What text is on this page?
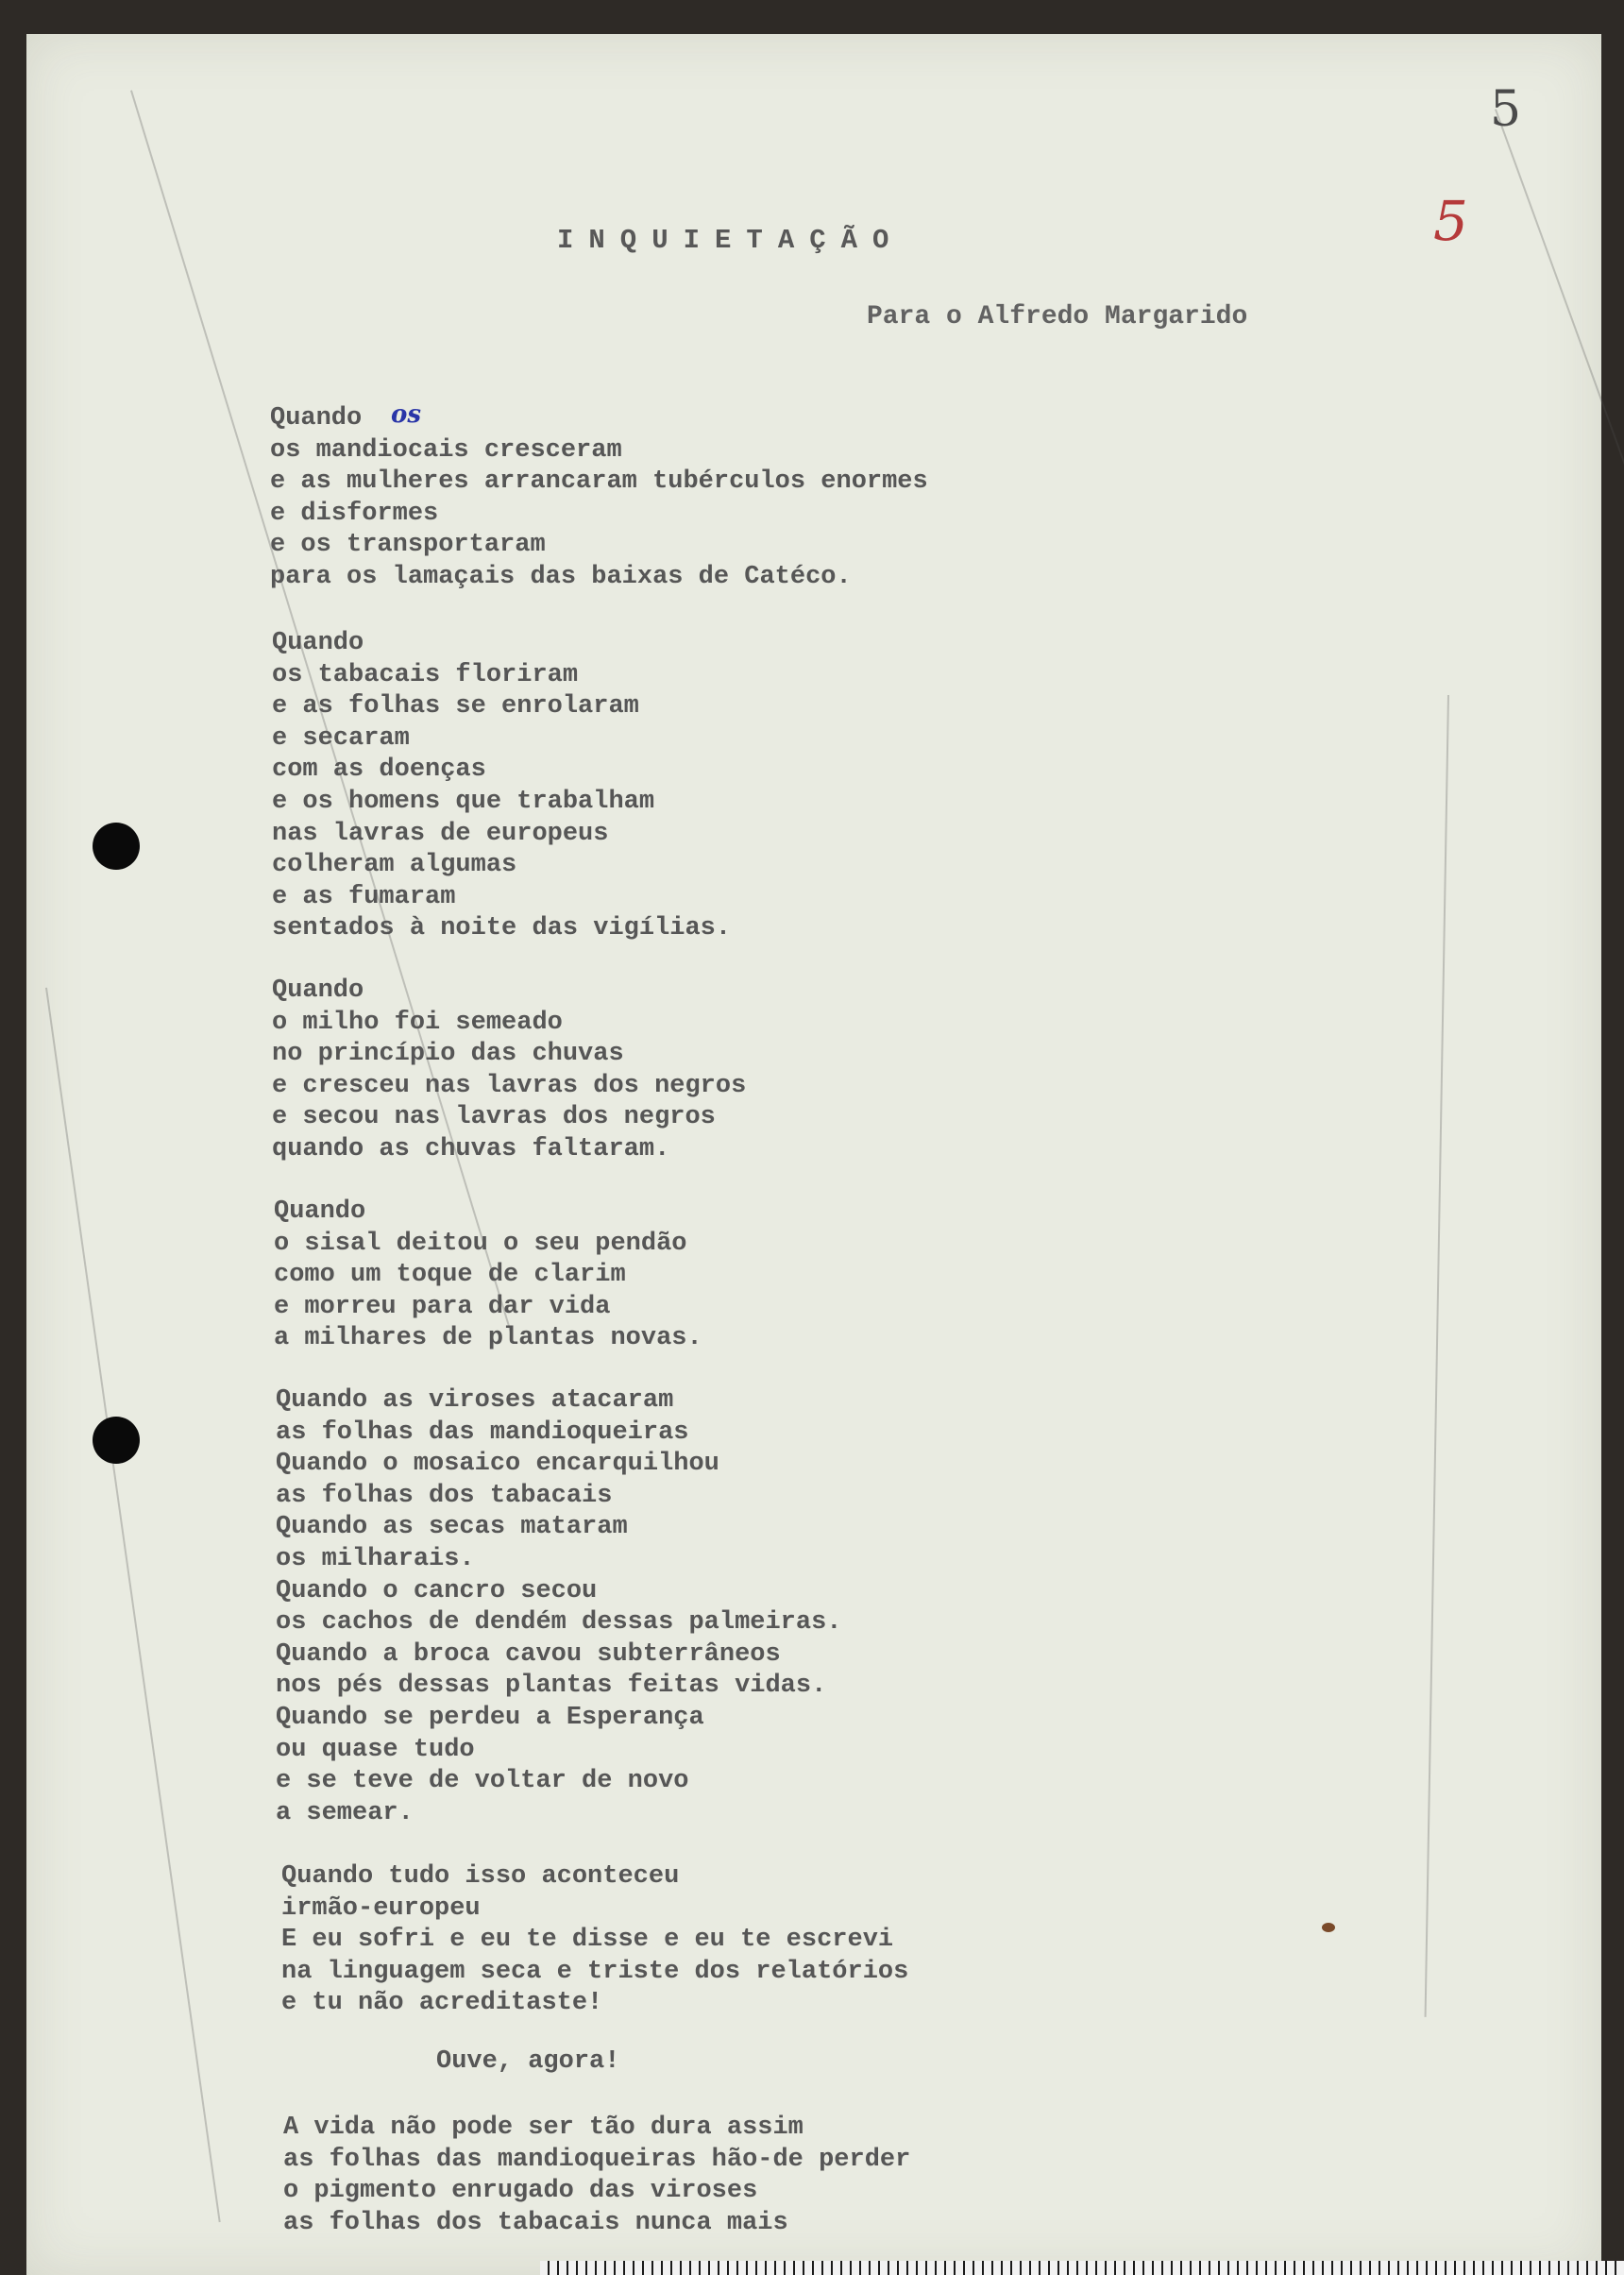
5
5
INQUIETAÇÃO
Para o Alfredo Margarido
Quando
os mandiocais cresceram
e as mulheres arrancaram tubérculos enormes
e disformes
e os transportaram
para os lamaçais das baixas de Catéco.
Quando
os tabacais floriram
e as folhas se enrolaram
e secaram
com as doenças
e os homens que trabalham
nas lavras de europeus
colheram algumas
e as fumaram
sentados à noite das vigílias.
Quando
o milho foi semeado
no princípio das chuvas
e cresceu nas lavras dos negros
e secou nas lavras dos negros
quando as chuvas faltaram.
Quando
o sisal deitou o seu pendão
como um toque de clarim
e morreu para dar vida
a milhares de plantas novas.
Quando as viroses atacaram
as folhas das mandioqueiras
Quando o mosaico encarquilhou
as folhas dos tabacais
Quando as secas mataram
os milharais.
Quando o cancro secou
os cachos de dendém dessas palmeiras.
Quando a broca cavou subterrâneos
nos pés dessas plantas feitas vidas.
Quando se perdeu a Esperança
ou quase tudo
e se teve de voltar de novo
a semear.
Quando tudo isso aconteceu
irmão-europeu
E eu sofri e eu te disse e eu te escrevi
na linguagem seca e triste dos relatórios
e tu não acreditaste!
Ouve, agora!
A vida não pode ser tão dura assim
as folhas das mandioqueiras hão-de perder
o pigmento enrugado das viroses
as folhas dos tabacais nunca mais
os
